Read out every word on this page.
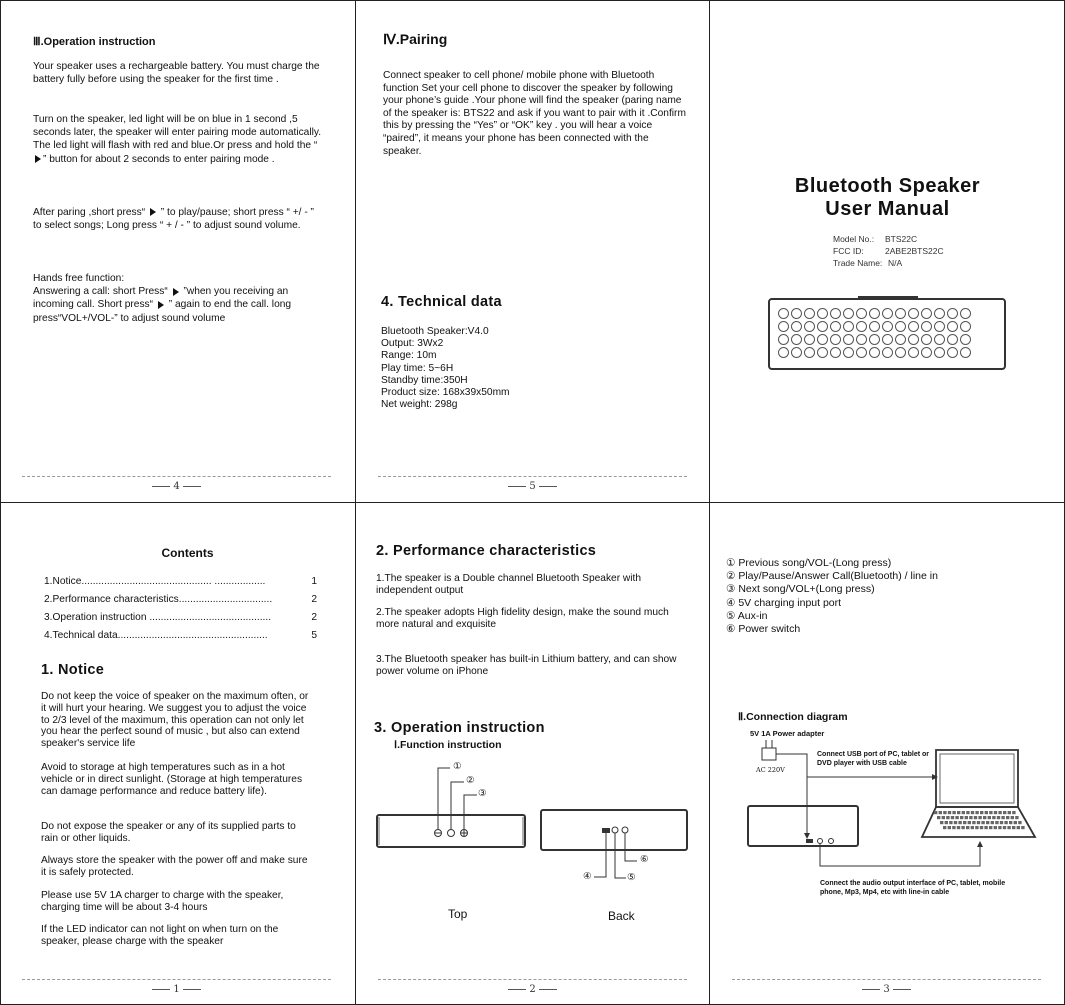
Ⅲ.Operation instruction
Your speaker uses a rechargeable battery. You must charge the battery fully before using the speaker for the first time .
Turn on the speaker, led light will be on blue in 1 second ,5 seconds later, the speaker will enter pairing mode automatically. The led light will flash with red and blue.Or press and hold the “” button for about 2 seconds to enter pairing mode .
After paring ,short press“ ” to play/pause; short press “ +/ - ” to select songs; Long press “ + / - ” to adjust sound volume.
Hands free function:
Answering a call: short Press“ ”when you receiving an incoming call. Short press“ ” again to end the call. long press“VOL+/VOL-” to adjust sound volume
4
Ⅳ.Pairing
Connect speaker to cell phone/ mobile phone with Bluetooth function Set your cell phone to discover the speaker by following your phone’s guide .Your phone will find the speaker (paring name of the speaker is: BTS22 and ask if you want to pair with it .Confirm this by pressing the “Yes” or “OK” key . you will hear a voice “paired”, it means your phone has been connected with the speaker.
4. Technical data
Bluetooth Speaker:V4.0
Output: 3Wx2
Range: 10m
Play time: 5~6H
Standby time:350H
Product size: 168x39x50mm
Net weight: 298g
5
Bluetooth Speaker
User Manual
Model No.: BTS22C
FCC ID:	2ABE2BTS22C
Trade Name: N/A
Contents
1.Notice.............................................. ..................	1
2.Performance characteristics.................................	2
3.Operation instruction ...........................................	2
4.Technical data.....................................................	5
1. Notice
Do not keep the voice of speaker on the maximum often, or it will hurt your hearing. We suggest you to adjust the voice to 2/3 level of the maximum, this operation can not only let you hear the perfect sound of music , but also can extend speaker's service life
Avoid to storage at high temperatures such as in a hot vehicle or in direct sunlight. (Storage at high temperatures can damage performance and reduce battery life).
Do not expose the speaker or any of its supplied parts to rain or other liquids.
Always store the speaker with the power off and make sure it is safely protected.
Please use 5V 1A charger to charge with the speaker, charging time will be about 3-4 hours
If the LED indicator can not light on when turn on the speaker, please charge with the speaker
1
2. Performance characteristics
1.The speaker is a Double channel Bluetooth Speaker with independent output
2.The speaker adopts High fidelity design, make the sound much more natural and exquisite
3.The Bluetooth speaker has built-in Lithium battery, and can show power volume on iPhone
3. Operation instruction
Ⅰ.Function instruction
①
②
③
④	⑤
⑥
Top	Back
2
① Previous song/VOL-(Long press)
② Play/Pause/Answer Call(Bluetooth) / line in
③ Next song/VOL+(Long press)
④ 5V charging input port
⑤ Aux-in
⑥ Power switch
Ⅱ.Connection diagram
5V 1A Power adapter
AC 220V
Connect USB port of PC, tablet or DVD player with USB cable
Connect the audio output interface of PC, tablet, mobile phone, Mp3, Mp4, etc with line-in cable
3
